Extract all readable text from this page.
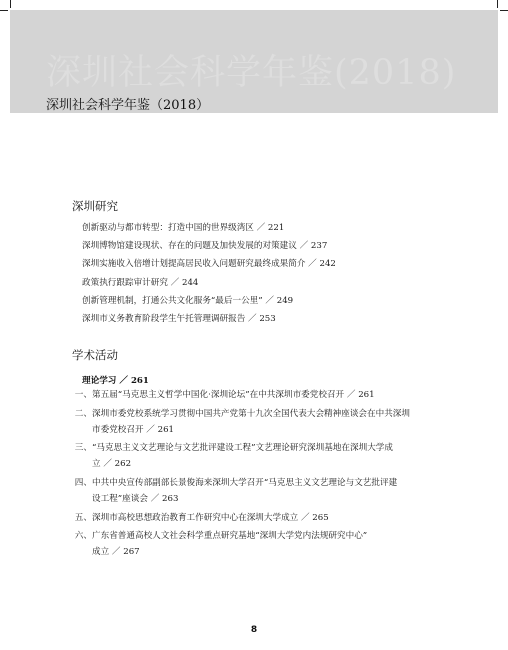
深圳社会科学年鉴(2018)
深圳社会科学年鉴（2018）
深圳研究
创新驱动与都市转型：打造中国的世界级湾区 ／ 221
深圳博物馆建设现状、存在的问题及加快发展的对策建议 ／ 237
深圳实施收入倍增计划提高居民收入问题研究最终成果简介 ／ 242
政策执行跟踪审计研究 ／ 244
创新管理机制，打通公共文化服务“最后一公里” ／ 249
深圳市义务教育阶段学生午托管理调研报告 ／ 253
学术活动
理论学习 ／ 261
一、 第五届“马克思主义哲学中国化·深圳论坛”在中共深圳市委党校召开 ／ 261
二、 深圳市委党校系统学习贯彻中国共产党第十九次全国代表大会精神座谈会在中共深圳
市委党校召开 ／ 261
三、 “马克思主义文艺理论与文艺批评建设工程”文艺理论研究深圳基地在深圳大学成
立 ／ 262
四、 中共中央宣传部副部长景俊海来深圳大学召开“马克思主义文艺理论与文艺批评建
设工程”座谈会 ／ 263
五、 深圳市高校思想政治教育工作研究中心在深圳大学成立 ／ 265
六、 广东省普通高校人文社会科学重点研究基地“深圳大学党内法规研究中心”
成立 ／ 267
8
